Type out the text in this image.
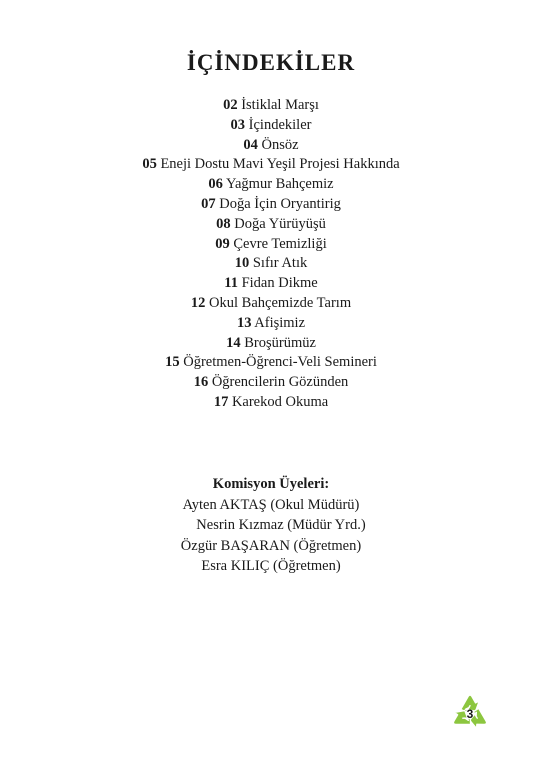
İÇİNDEKİLER
02 İstiklal Marşı
03 İçindekiler
04 Önsöz
05 Eneji Dostu Mavi Yeşil Projesi Hakkında
06 Yağmur Bahçemiz
07 Doğa İçin Oryantirig
08 Doğa Yürüyüşü
09 Çevre Temizliği
10 Sıfır Atık
11 Fidan Dikme
12 Okul Bahçemizde Tarım
13 Afişimiz
14 Broşürümüz
15 Öğretmen-Öğrenci-Veli Semineri
16 Öğrencilerin Gözünden
17 Karekod Okuma
Komisyon Üyeleri:
Ayten AKTAŞ (Okul Müdürü)
Nesrin Kızmaz (Müdür Yrd.)
Özgür BAŞARAN (Öğretmen)
Esra KILIÇ (Öğretmen)
3
